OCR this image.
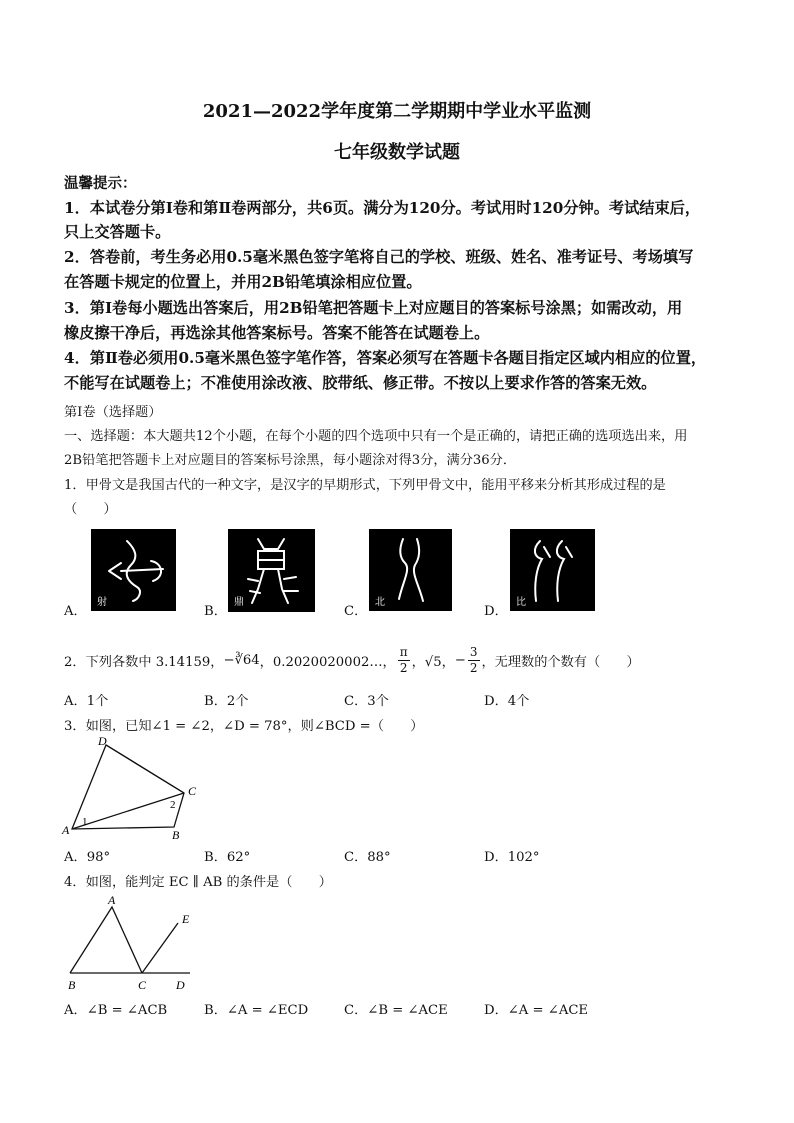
2021—2022学年度第二学期期中学业水平监测
七年级数学试题
温馨提示：
1．本试卷分第Ⅰ卷和第Ⅱ卷两部分，共6页。满分为120分。考试用时120分钟。考试结束后，
只上交答题卡。
2．答卷前，考生务必用0.5毫米黑色签字笔将自己的学校、班级、姓名、准考证号、考场填写
在答题卡规定的位置上，并用2B铅笔填涂相应位置。
3．第Ⅰ卷每小题选出答案后，用2B铅笔把答题卡上对应题目的答案标号涂黑；如需改动，用
橡皮擦干净后，再选涂其他答案标号。答案不能答在试题卷上。
4．第Ⅱ卷必须用0.5毫米黑色签字笔作答，答案必须写在答题卡各题目指定区域内相应的位置，
不能写在试题卷上；不准使用涂改液、胶带纸、修正带。不按以上要求作答的答案无效。
第Ⅰ卷（选择题）
一、选择题：本大题共12个小题，在每个小题的四个选项中只有一个是正确的，请把正确的选项选出来，用
2B铅笔把答题卡上对应题目的答案标号涂黑，每小题涂对得3分，满分36分．
1．甲骨文是我国古代的一种文字，是汉字的早期形式，下列甲骨文中，能用平移来分析其形成过程的是
（　　）
A．
射
B．
鼎
C．
北
D．
比
2．下列各数中 3.14159， −∛64 ，0.2020020002…， $\frac{\pi}{2}$ ，√5， − $\frac{3}{2}$ ，无理数的个数有（　　）
A．1个	B．2个	C．3个	D．4个
3．如图，已知∠1 = ∠2，∠D = 78°，则∠BCD =（　　）
D
C
A	B
1
2
A．98°	B．62°	C．88°	D．102°
4．如图，能判定 EC ∥ AB 的条件是（　　）
A
E
B	C D
A．∠B = ∠ACB	B．∠A = ∠ECD	C．∠B = ∠ACE	D．∠A = ∠ACE
